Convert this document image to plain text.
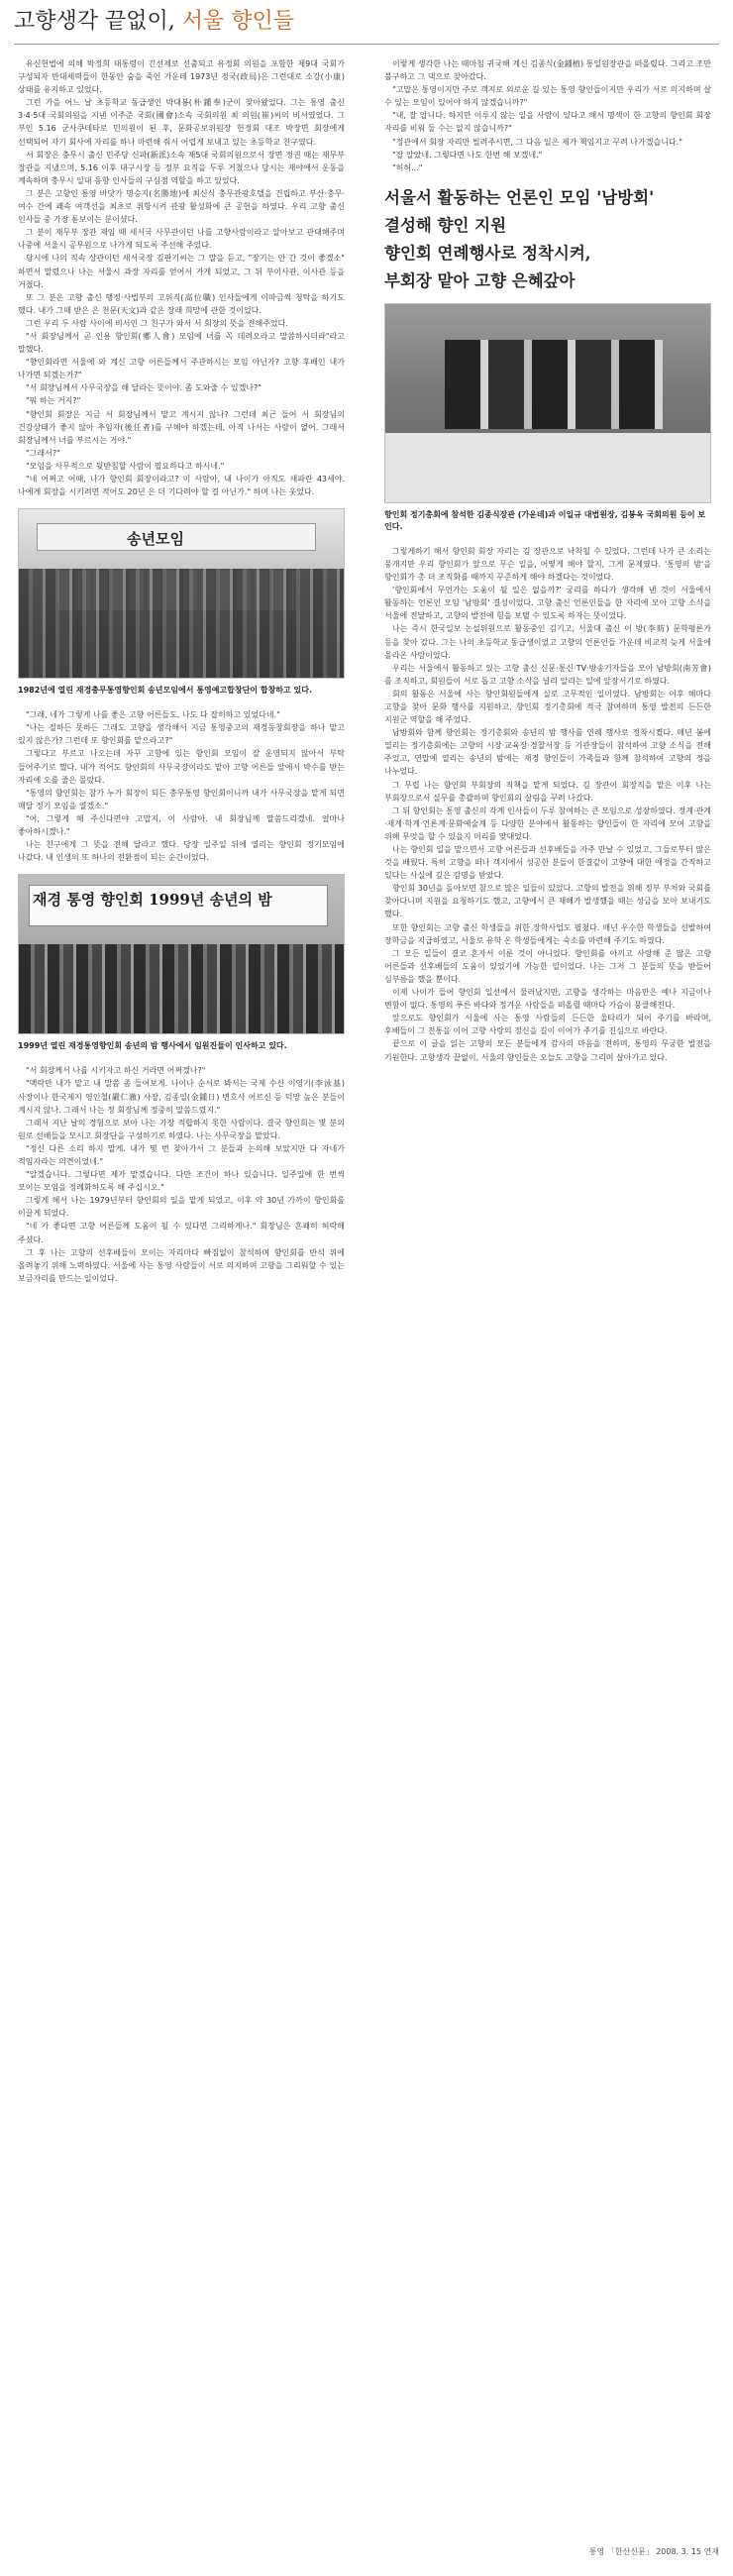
고향생각 끝없이, 서울 향인들

유신헌법에 의해 박정희 대통령이 긴선제로 선출되고 유정회 의원을 포함한 제9대 국회가 구성되자 반대세력들이 한동안 숨을 죽인 가운데 1973년 정국(政局)은 그런대로 소강(小康)상태를 유지하고 있었다.

그런 가을 어느 날 초등학교 동급생인 박대봉(朴鍾奉)군이 찾아왔었다. 그는 통영 출신 3·4·5대 국회의원을 지낸 이주준 국회(國會)소속 국회의원 최 의원(崔)씨의 비서였었다. 그 부인 5.16 군사쿠데타로 민의원이 된 후, 문화공보위원장 헌정회 대조 박장면 회장에게 선택되어 자기 회사에 자리를 하나 마련해 줘서 어렵게 보내고 있는 초등학교 친구였다.

서 회장은 충무시 출신 민주당 신파(新派)소속 제5대 국회의원으로서 장면 정권 때는 재무부 장관을 지냈으며, 5.16 이후 대구시장 등 정부 요직을 두루 거쳤으나 당시는 재야에서 운동을 계속하며 충무시 일대 동향 인사들의 구심점 역할을 하고 있었다.

그 분은 고향인 통영 바닷가 명승지(名勝地)에 최신식 충무관광호텔을 건립하고 부산·충무·여수 간에 쾌속 여객선을 최초로 취항시켜 관광 활성화에 큰 공헌을 하였다. 우리 고향 출신 인사들 중 가장 돋보이는 분이셨다.

그 분이 재무부 장관 재임 때 새서국 사무관이던 나를 고향사람이라고 알아보고 관대해주며 나중에 서울시 공무원으로 나가게 되도록 주선해 주었다.

당시에 나의 직속 상관이던 새서국장 김판기씨는 그 말을 듣고, "장기는 안 간 것이 좋겠소" 하면서 말렸으나 나는 서울시 과장 자리를 얻어서 가게 되었고, 그 뒤 부이사관, 이사관 등을 거쳤다.

또 그 분은 고향 출신 행정·사법부의 고위직(高位職) 인사들에게 이따금씩 청탁을 하기도 했다. 내가 그때 받은 은 천문(天文)과 같은 장래 희망에 관한 것이었다.

그런 우리 두 사람 사이에 비서인 그 친구가 와서 서 회장의 뜻을 전해주었다.

"서 회장님께서 곧 인용 향인회(鄕人會) 모임에 녀를 꼭 데려오라고 말씀하시더라"라고 말했다.

"향인회라면 서울에 와 계신 고향 어른들께서 주관하시는 모임 아닌가? 고향 후배인 내가 나가면 되겠는가?"

"서 회장님께서 사무국장을 해 달라는 뜻이야. 좀 도와줄 수 있겠나?"

"뭐 하는 거지?"

"향인회 회장은 지금 서 회장님께서 맡고 계시지 않나? 그런데 최근 들어 서 회장님의 건강상태가 좋지 않아 추임자(後任者)를 구해야 하겠는데, 아직 나서는 사람이 없어. 그래서 회장님께서 녀를 부르시는 거야."

"그래서?"

"모임을 사무적으로 뒷받침할 사람이 필요하다고 하시네."

"네 어쩌고 어때, 나가 향인회 회장이라고? 이 사람아, 내 나이가 아직도 새파란 43세야. 나에게 회장을 시키려면 적어도 20년 은 더 기다려야 할 걸 아닌가." 하며 나는 웃었다.

송년모임

1982년에 열린 재경충무통영향인회 송년모임에서 통영예고합창단이 합창하고 있다.

"그래, 네가 그렇게 나를 좋은 고향 어른들도, 나도 다 잡히하고 있었다네."

"나는 절하든 못하든 그래도 고향을 생각해서 지금 통영중고의 재경동창회장을 하나 맡고 있지 않은가? 그런데 또 향인회를 맡으라고?"

그렇다고 부르고 나오는데 자꾸 고향에 있는 향인회 모임이 잘 운영되지 않아서 부탁 들어주기로 했다. 내가 적어도 향인회의 사무국장이라도 맡아 고향 어른들 앞에서 박수를 받는 자리에 오를 줄은 몰랐다.

"통영의 향인회는 참가 누가 회장이 되든 충무통영 향인회이니까 내가 사무국장을 맡게 되면 매달 정기 모임을 열겠소."

"어, 그렇게 해 주신다면야 고맙지, 이 사람아. 내 회장님께 말씀드리겠네. 얼마나 좋아하시겠나."

나는 친구에게 그 뜻을 전해 달라고 했다. 당장 일주일 뒤에 열리는 향인회 정기모임에 나갔다. 내 인생의 또 하나의 전환점이 되는 순간이었다.

재경 통영 향인회 1999년 송년의 밤

1999년 열린 재경통영향인회 송년의 밤 행사에서 임원진들이 인사하고 있다.

"서 회장께서 나를 시키자고 하신 거라면 어쩌겠나?"

"맥락만 내가 맡고 내 말씀 좀 들어보게. 나이나 순서로 봐서는 국제 수산 이영기(李泳基) 사장이나 한국제지 영인철(嚴仁澈) 사장, 김종일(金鍾日) 변호사 어르신 등 덕망 높은 분들이 계시지 않나. 그래서 나는 정 회장님께 정중히 말씀드렸지."

그래서 지난 날의 경험으로 보아 나는 가장 적합하지 못한 사람이다. 결국 향인회는 몇 분의 원로 선배들을 모시고 회장단을 구성하기로 하였다. 나는 사무국장을 맡았다.

"정신 다른 소리 하지 말게. 내가 몇 번 찾아가서 그 분들과 논의해 보았지만 다 자네가 적임자라는 의견이었네."

"알겠습니다. 그렇다면 제가 맡겠습니다. 다만 조건이 하나 있습니다. 일주일에 한 번씩 모이는 모임을 정례화하도록 해 주십시오."

그렇게 해서 나는 1979년부터 향인회의 일을 맡게 되었고, 이후 약 30년 가까이 향인회를 이끌게 되었다.

"네 가 좋다면 고향 어른들께 도움이 될 수 있다면 그리하게나." 회장님은 흔쾌히 허락해 주셨다.

그 후 나는 고향의 선후배들이 모이는 자리마다 빠짐없이 참석하며 향인회를 반석 위에 올려놓기 위해 노력하였다. 서울에 사는 통영 사람들이 서로 의지하며 고향을 그리워할 수 있는 보금자리를 만드는 일이었다.

이렇게 생각한 나는 때마침 귀국해 계신 김종식(金鍾植) 통일원장관을 떠올렸다. 그리고 조만 불구하고 그 댁으로 찾아갔다.

"고맙은 통영이지만 주로 객지로 외로운 길 있는 통영 향인들이지만 우리가 서로 의지하며 살 수 있는 모임이 있어야 하지 않겠습니까?"

"내, 잘 압니다. 하지만 이루지 않는 일을 사람이 있다고 해서 명색이 한 고향의 향인회 회장 자리를 비워 둘 수는 없지 않습니까?"

"정관에서 회장 자리만 빌려주시면, 그 다음 일은 제가 책임지고 꾸려 나가겠습니다."

"잘 알았네. 그렇다면 나도 한번 해 보겠네."

"허허..."

서울서 활동하는 언론인 모임 '남방회'

결성해 향인 지원

향인회 연례행사로 정착시켜,

부회장 맡아 고향 은혜갚아

향인회 정기총회에 참석한 김종식장관 (가운데)과 이일규 대법원장, 김봉옥 국회의원 등이 보인다.

그렇게하기 해서 향인회 회장 자리는 김 장관으로 낙착될 수 있었다. 그런데 나가 큰 소리는 뭉개지만 우리 향인회가 앞으로 무슨 일을, 어떻게 해야 할지, 그게 문제였다. '통영의 밤'을 향인회가 총 더 조직화를 때까지 꾸준하게 해야 하겠다는 것이었다.

'향인회에서 무언가는 도움이 될 일은 없을까?' 궁리를 하다가 생각해 낸 것이 서울에서 활동하는 언론인 모임 '남방회' 결성이었다. 고향 출신 언론인들을 한 자리에 모아 고향 소식을 서울에 전달하고, 고향의 발전에 힘을 보탤 수 있도록 하자는 뜻이었다.

나는 즉시 한국일보 논설위원으로 활동중인 김기고, 서울대 출신 이 방(李昉) 문학평론가 등을 찾아 갔다. 그는 나의 초등학교 동급생이었고 고향의 언론인들 가운데 비교적 늦게 서울에 올라온 사람이었다.

우리는 서울에서 활동하고 있는 고향 출신 신문·통신·TV·방송기자들을 모아 남방회(南芳會)를 조직하고, 회원들이 서로 돕고 고향 소식을 널리 알리는 일에 앞장서기로 하였다.

회의 활동은 서울에 사는 향인회원들에게 실로 고무적인 일이었다. 남방회는 이후 해마다 고향을 찾아 문화 행사를 지원하고, 향인회 정기총회에 적극 참여하며 통영 발전의 든든한 지원군 역할을 해 주었다.

남방회와 함께 향인회는 정기총회와 송년의 밤 행사를 연례 행사로 정착시켰다. 매년 봄에 열리는 정기총회에는 고향의 시장·교육장·경찰서장 등 기관장들이 참석하여 고향 소식을 전해 주었고, 연말에 열리는 송년의 밤에는 재경 향인들이 가족들과 함께 참석하여 고향의 정을 나누었다.

그 무렵 나는 향인회 부회장의 직책을 맡게 되었다. 김 장관이 회장직을 맡은 이후 나는 부회장으로서 실무를 총괄하며 향인회의 살림을 꾸려 나갔다.

그 뒤 향인회는 통영 출신의 각계 인사들이 두루 참여하는 큰 모임으로 성장하였다. 정계·관계·재계·학계·언론계·문화예술계 등 다양한 분야에서 활동하는 향인들이 한 자리에 모여 고향을 위해 무엇을 할 수 있을지 머리를 맞대었다.

나는 향인회 일을 맡으면서 고향 어른들과 선후배들을 자주 만날 수 있었고, 그들로부터 많은 것을 배웠다. 특히 고향을 떠나 객지에서 성공한 분들이 한결같이 고향에 대한 애정을 간직하고 있다는 사실에 깊은 감명을 받았다.

향인회 30년을 돌아보면 참으로 많은 일들이 있었다. 고향의 발전을 위해 정부 부처와 국회를 찾아다니며 지원을 요청하기도 했고, 고향에서 큰 재해가 발생했을 때는 성금을 모아 보내기도 했다.

또한 향인회는 고향 출신 학생들을 위한 장학사업도 펼쳤다. 매년 우수한 학생들을 선발하여 장학금을 지급하였고, 서울로 유학 온 학생들에게는 숙소를 마련해 주기도 하였다.

그 모든 일들이 결코 혼자서 이룬 것이 아니었다. 향인회를 아끼고 사랑해 준 많은 고향 어른들과 선후배들의 도움이 있었기에 가능한 일이었다. 나는 그저 그 분들의 뜻을 받들어 심부름을 했을 뿐이다.

이제 나이가 들어 향인회 일선에서 물러났지만, 고향을 생각하는 마음만은 예나 지금이나 변함이 없다. 통영의 푸른 바다와 정겨운 사람들을 떠올릴 때마다 가슴이 뭉클해진다.

앞으로도 향인회가 서울에 사는 통영 사람들의 든든한 울타리가 되어 주기를 바라며, 후배들이 그 전통을 이어 고향 사랑의 정신을 길이 이어가 주기를 진심으로 바란다.

끝으로 이 글을 읽는 고향의 모든 분들에게 감사의 마음을 전하며, 통영의 무궁한 발전을 기원한다. 고향생각 끝없이, 서울의 향인들은 오늘도 고향을 그리며 살아가고 있다.

통영 「한산신문」 2008. 3. 15 연재
